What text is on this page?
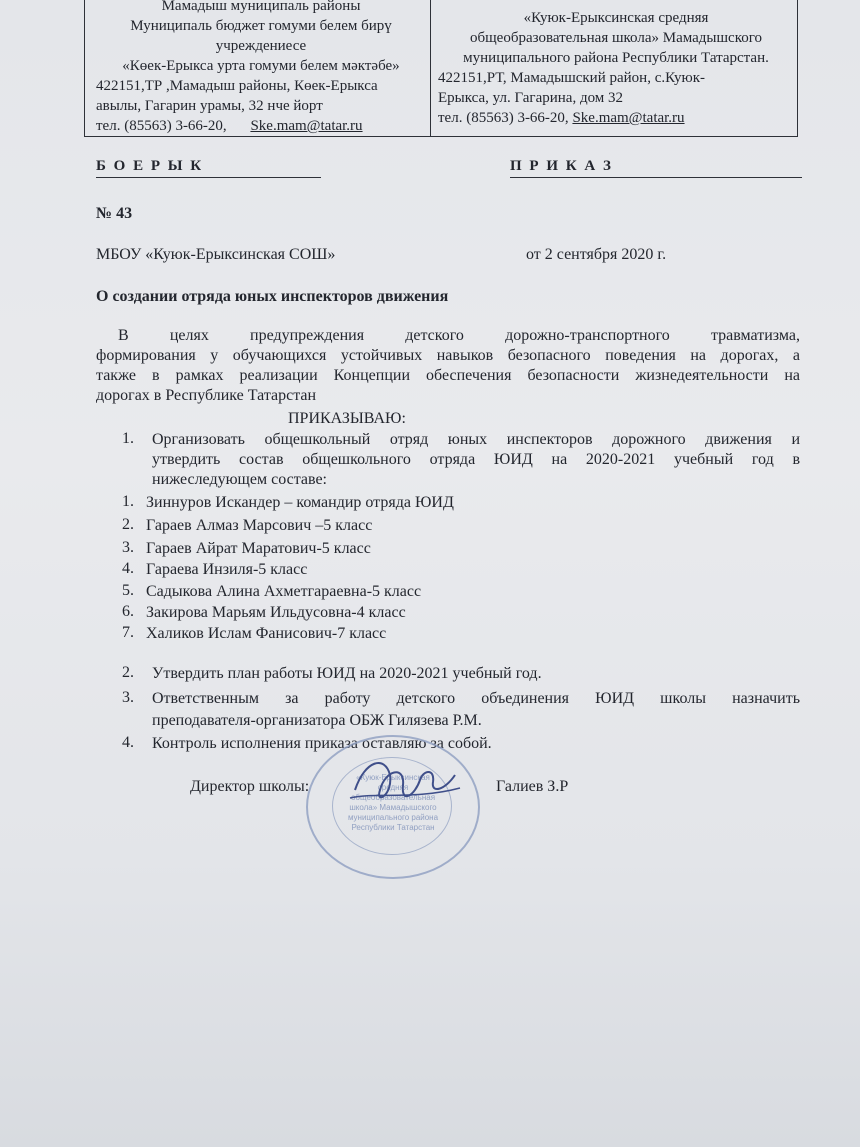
Мамадыш муниципаль районы
Муниципаль бюджет гомуми белем бирү
учреждениесе
«Көек-Ерыкса урта гомуми белем мәктәбе»
422151,ТР ,Мамадыш районы, Көек-Ерыкса
авылы, Гагарин урамы, 32 нче йорт
тел. (85563) 3-66-20, Ske.mam@tatar.ru
«Куюк-Ерыксинская средняя
общеобразовательная школа» Мамадышского
муниципального района Республики Татарстан.
422151,РТ, Мамадышский район, с.Куюк-
Ерыкса, ул. Гагарина, дом 32
тел. (85563) 3-66-20, Ske.mam@tatar.ru
Б О Е Р Ы К	П Р И К А З
№ 43
МБОУ «Куюк-Ерыксинская СОШ»	от 2 сентября 2020 г.
О создании отряда юных инспекторов движения
В целях предупреждения детского дорожно-транспортного травматизма,
формирования у обучающихся устойчивых навыков безопасного поведения на дорогах, а
также в рамках реализации Концепции обеспечения безопасности жизнедеятельности на
дорогах в Республике Татарстан
ПРИКАЗЫВАЮ:
1. Организовать общешкольный отряд юных инспекторов дорожного движения и
утвердить состав общешкольного отряда ЮИД на 2020-2021 учебный год в
нижеследующем составе:
1. Зиннуров Искандер – командир отряда ЮИД
2. Гараев Алмаз Марсович –5 класс
3. Гараев Айрат Маратович-5 класс
4. Гараева Инзиля-5 класс
5. Садыкова Алина Ахметгараевна-5 класс
6. Закирова Марьям Ильдусовна-4 класс
7. Халиков Ислам Фанисович-7 класс
2. Утвердить план работы ЮИД на 2020-2021 учебный год.
3. Ответственным за работу детского объединения ЮИД школы назначить
преподавателя-организатора ОБЖ Гилязева Р.М.
4. Контроль исполнения приказа оставляю за собой.
«Куюк-Ерыксинская
средняя
общеобразовательная
школа» Мамадышского
муниципального района
Республики Татарстан
Директор школы:	Галиев З.Р
